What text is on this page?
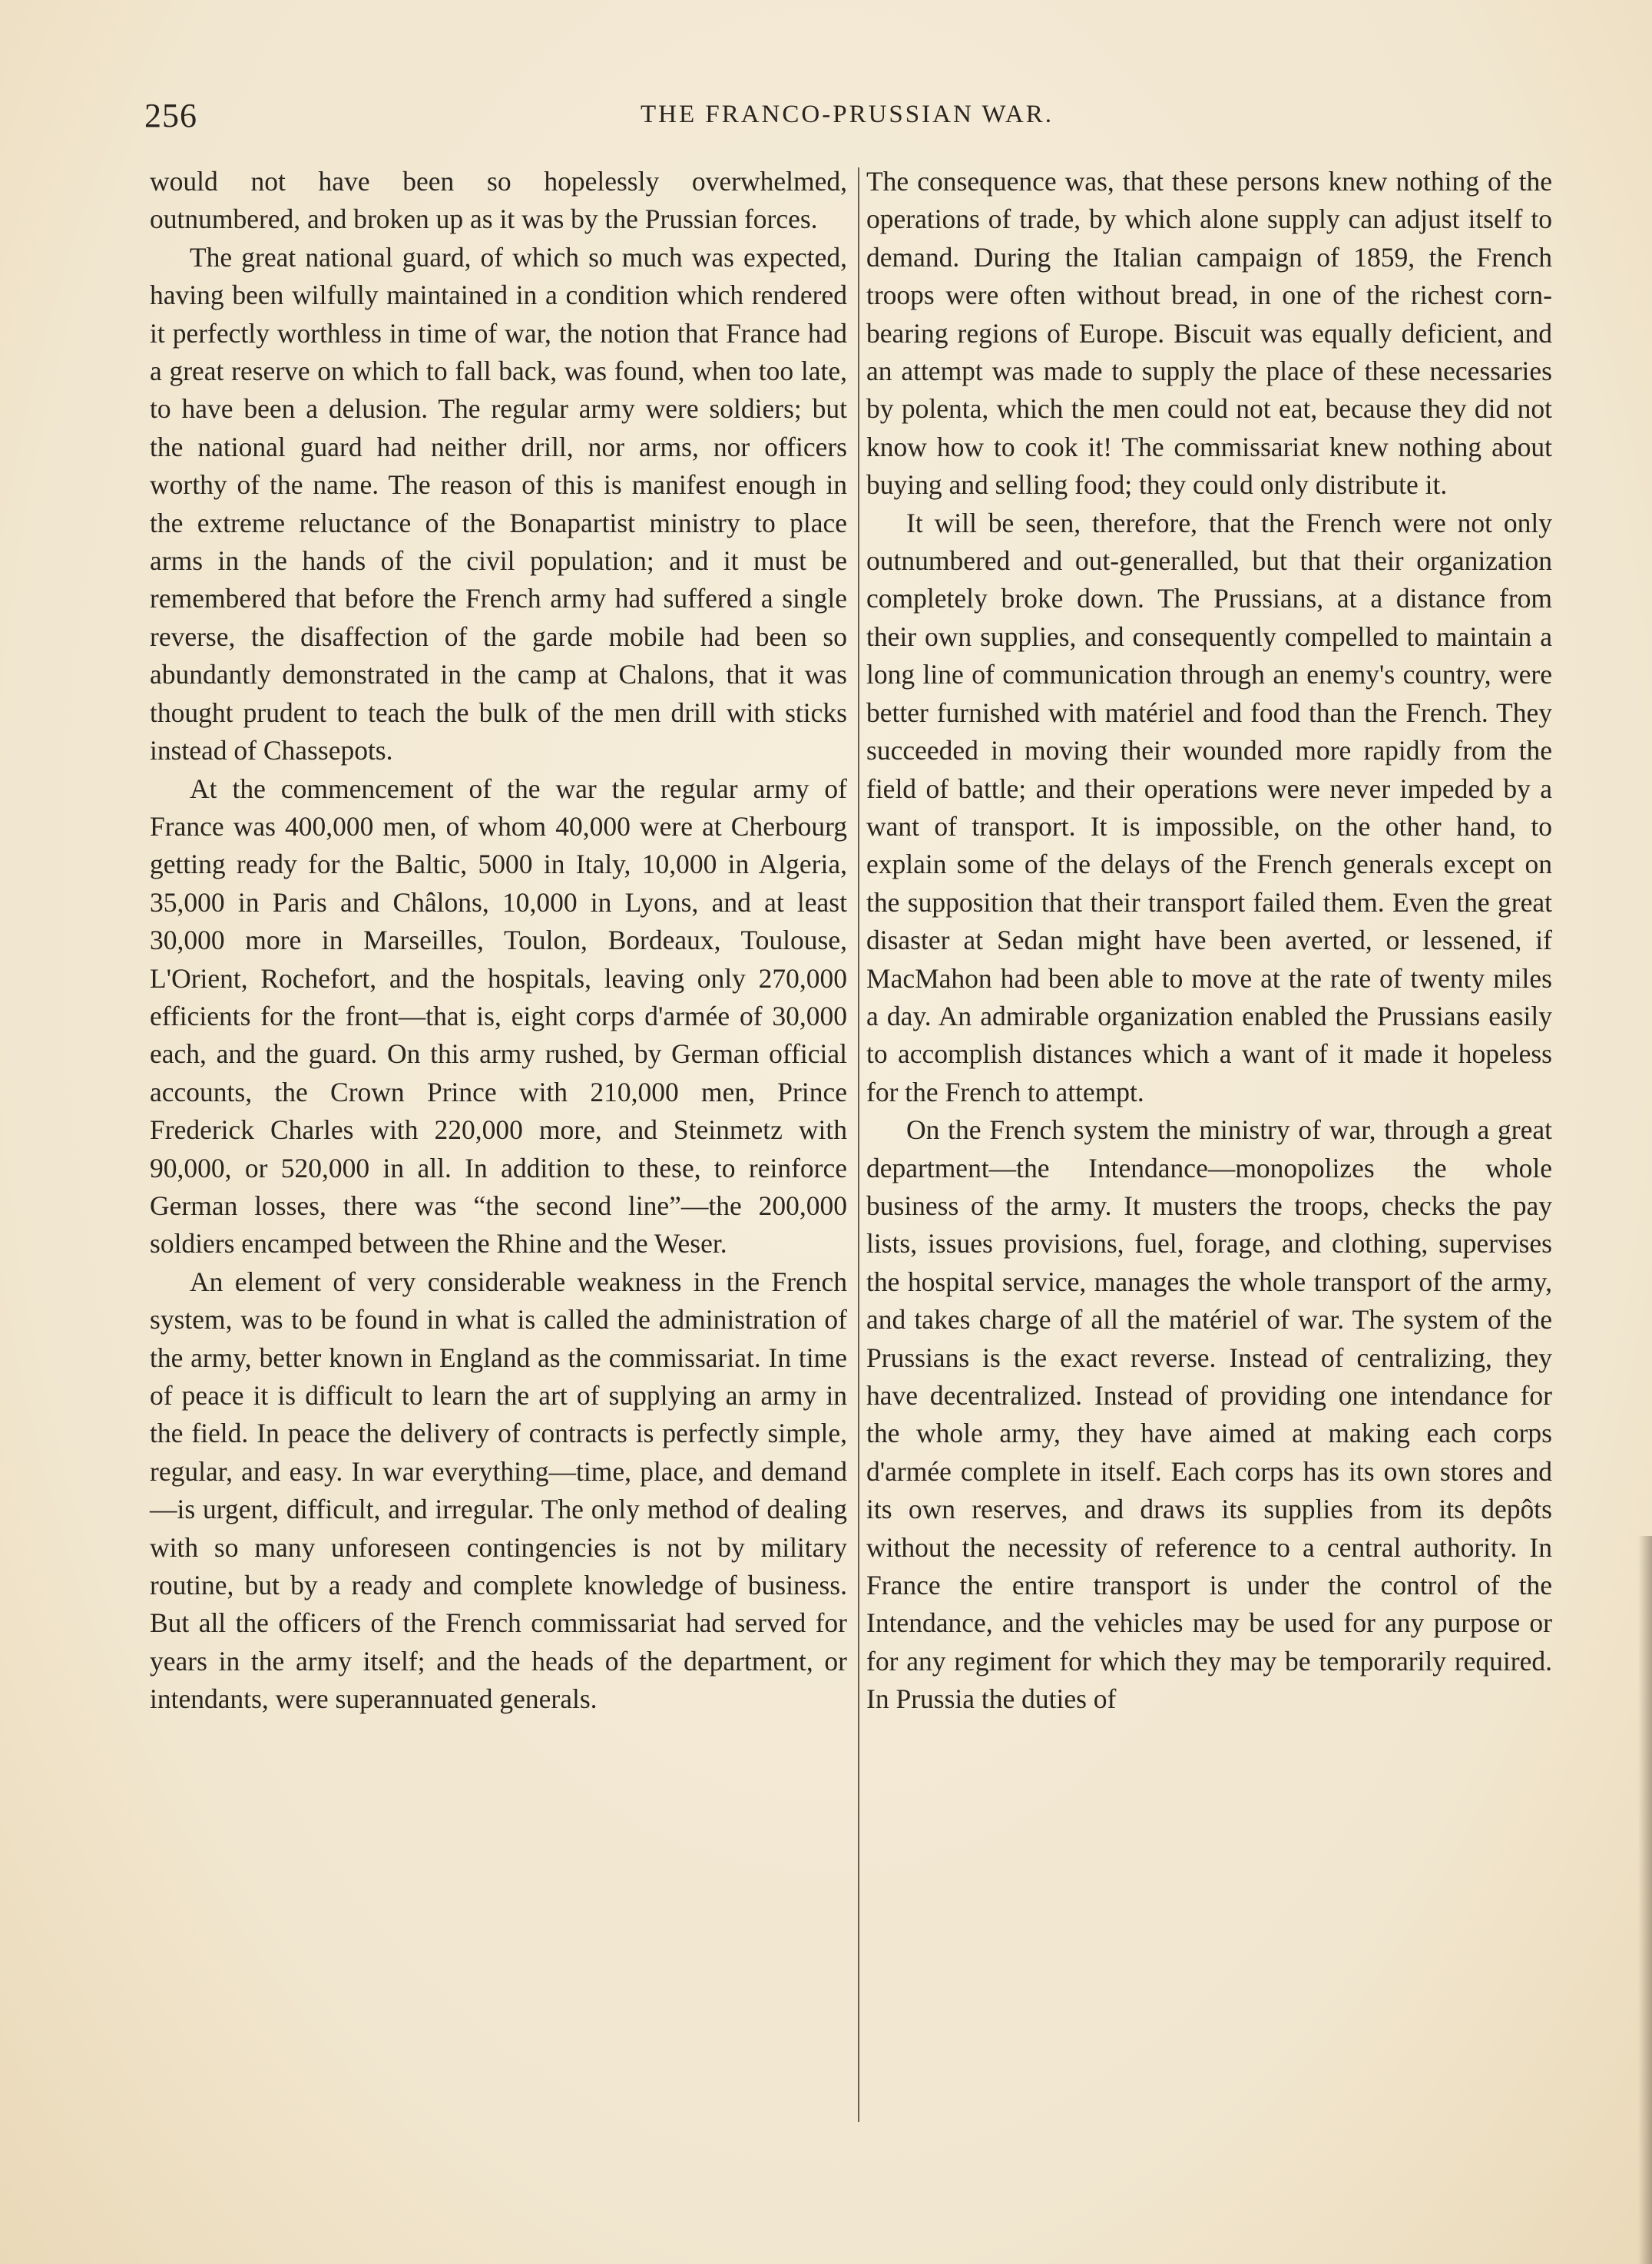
256	THE FRANCO-PRUSSIAN WAR.

would not have been so hopelessly overwhelmed, outnumbered, and broken up as it was by the Prussian forces.

The great national guard, of which so much was expected, having been wilfully maintained in a condition which rendered it perfectly worthless in time of war, the notion that France had a great reserve on which to fall back, was found, when too late, to have been a delusion. The regular army were soldiers; but the national guard had neither drill, nor arms, nor officers worthy of the name. The reason of this is manifest enough in the extreme reluctance of the Bonapartist ministry to place arms in the hands of the civil population; and it must be remembered that before the French army had suffered a single reverse, the disaffection of the garde mobile had been so abundantly demonstrated in the camp at Chalons, that it was thought prudent to teach the bulk of the men drill with sticks instead of Chassepots.

At the commencement of the war the regular army of France was 400,000 men, of whom 40,000 were at Cherbourg getting ready for the Baltic, 5000 in Italy, 10,000 in Algeria, 35,000 in Paris and Châlons, 10,000 in Lyons, and at least 30,000 more in Marseilles, Toulon, Bordeaux, Toulouse, L'Orient, Rochefort, and the hospitals, leaving only 270,000 efficients for the front—that is, eight corps d'armée of 30,000 each, and the guard. On this army rushed, by German official accounts, the Crown Prince with 210,000 men, Prince Frederick Charles with 220,000 more, and Steinmetz with 90,000, or 520,000 in all. In addition to these, to reinforce German losses, there was “the second line”—the 200,000 soldiers encamped between the Rhine and the Weser.

An element of very considerable weakness in the French system, was to be found in what is called the administration of the army, better known in England as the commissariat. In time of peace it is difficult to learn the art of supplying an army in the field. In peace the delivery of contracts is perfectly simple, regular, and easy. In war everything—time, place, and demand—is urgent, difficult, and irregular. The only method of dealing with so many unforeseen contingencies is not by military routine, but by a ready and complete knowledge of business. But all the officers of the French commissariat had served for years in the army itself; and the heads of the department, or intendants, were superannuated generals.

The consequence was, that these persons knew nothing of the operations of trade, by which alone supply can adjust itself to demand. During the Italian campaign of 1859, the French troops were often without bread, in one of the richest corn-bearing regions of Europe. Biscuit was equally deficient, and an attempt was made to supply the place of these necessaries by polenta, which the men could not eat, because they did not know how to cook it! The commissariat knew nothing about buying and selling food; they could only distribute it.

It will be seen, therefore, that the French were not only outnumbered and out-generalled, but that their organization completely broke down. The Prussians, at a distance from their own supplies, and consequently compelled to maintain a long line of communication through an enemy's country, were better furnished with matériel and food than the French. They succeeded in moving their wounded more rapidly from the field of battle; and their operations were never impeded by a want of transport. It is impossible, on the other hand, to explain some of the delays of the French generals except on the supposition that their transport failed them. Even the great disaster at Sedan might have been averted, or lessened, if MacMahon had been able to move at the rate of twenty miles a day. An admirable organization enabled the Prussians easily to accomplish distances which a want of it made it hopeless for the French to attempt.

On the French system the ministry of war, through a great department—the Intendance—monopolizes the whole business of the army. It musters the troops, checks the pay lists, issues provisions, fuel, forage, and clothing, supervises the hospital service, manages the whole transport of the army, and takes charge of all the matériel of war. The system of the Prussians is the exact reverse. Instead of centralizing, they have decentralized. Instead of providing one intendance for the whole army, they have aimed at making each corps d'armée complete in itself. Each corps has its own stores and its own reserves, and draws its supplies from its depôts without the necessity of reference to a central authority. In France the entire transport is under the control of the Intendance, and the vehicles may be used for any purpose or for any regiment for which they may be temporarily required. In Prussia the duties of
